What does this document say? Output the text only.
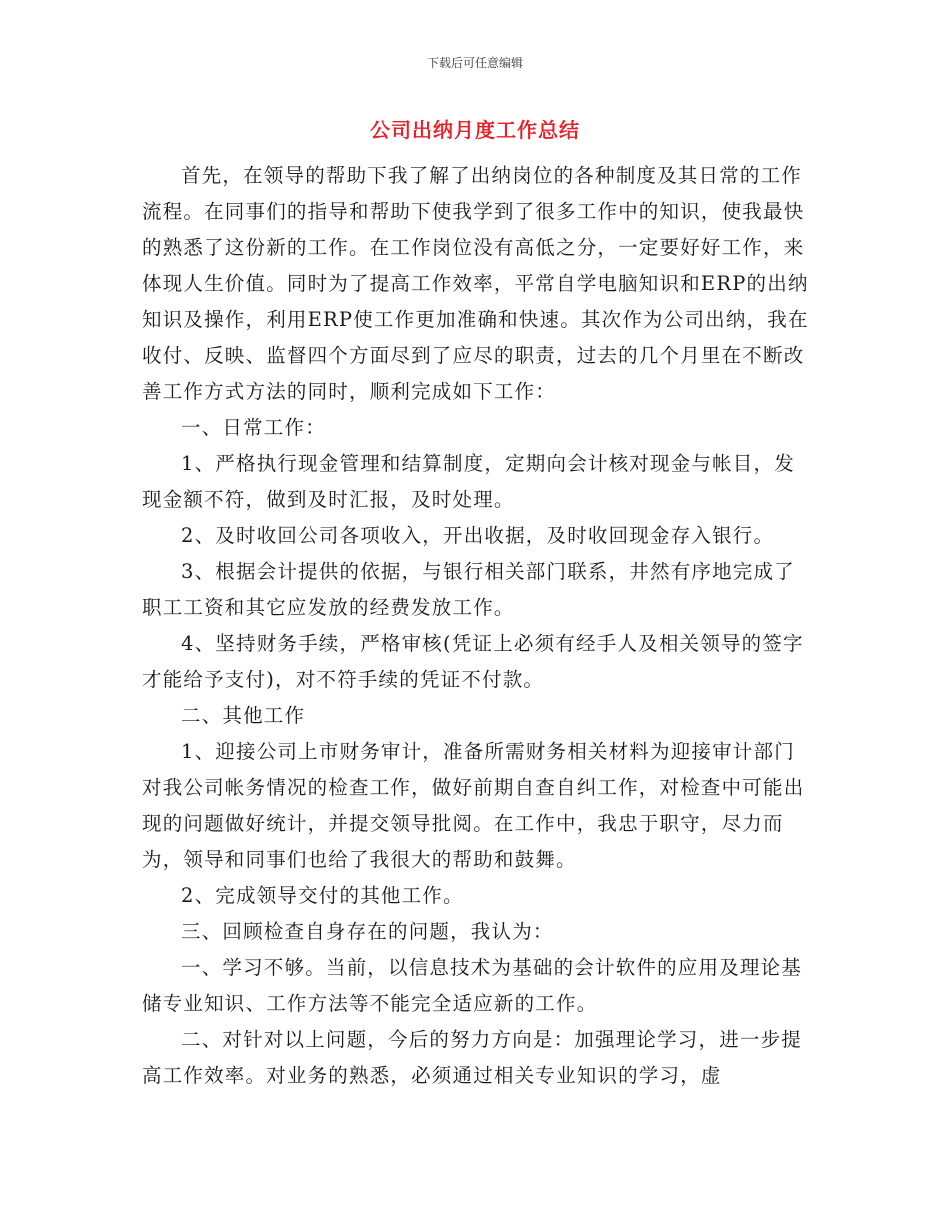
下载后可任意编辑
公司出纳月度工作总结

首先，在领导的帮助下我了解了出纳岗位的各种制度及其日常的工作流程。在同事们的指导和帮助下使我学到了很多工作中的知识，使我最快的熟悉了这份新的工作。在工作岗位没有高低之分，一定要好好工作，来体现人生价值。同时为了提高工作效率，平常自学电脑知识和ERP的出纳知识及操作，利用ERP使工作更加准确和快速。其次作为公司出纳，我在收付、反映、监督四个方面尽到了应尽的职责，过去的几个月里在不断改善工作方式方法的同时，顺利完成如下工作：

一、日常工作：

1、严格执行现金管理和结算制度，定期向会计核对现金与帐目，发现金额不符，做到及时汇报，及时处理。

2、及时收回公司各项收入，开出收据，及时收回现金存入银行。

3、根据会计提供的依据，与银行相关部门联系，井然有序地完成了职工工资和其它应发放的经费发放工作。

4、坚持财务手续，严格审核(凭证上必须有经手人及相关领导的签字才能给予支付)，对不符手续的凭证不付款。

二、其他工作

1、迎接公司上市财务审计，准备所需财务相关材料为迎接审计部门对我公司帐务情况的检查工作，做好前期自查自纠工作，对检查中可能出现的问题做好统计，并提交领导批阅。在工作中，我忠于职守，尽力而为，领导和同事们也给了我很大的帮助和鼓舞。

2、完成领导交付的其他工作。

三、回顾检查自身存在的问题，我认为：

一、学习不够。当前，以信息技术为基础的会计软件的应用及理论基储专业知识、工作方法等不能完全适应新的工作。

二、对针对以上问题，今后的努力方向是：加强理论学习，进一步提高工作效率。对业务的熟悉，必须通过相关专业知识的学习，虚
